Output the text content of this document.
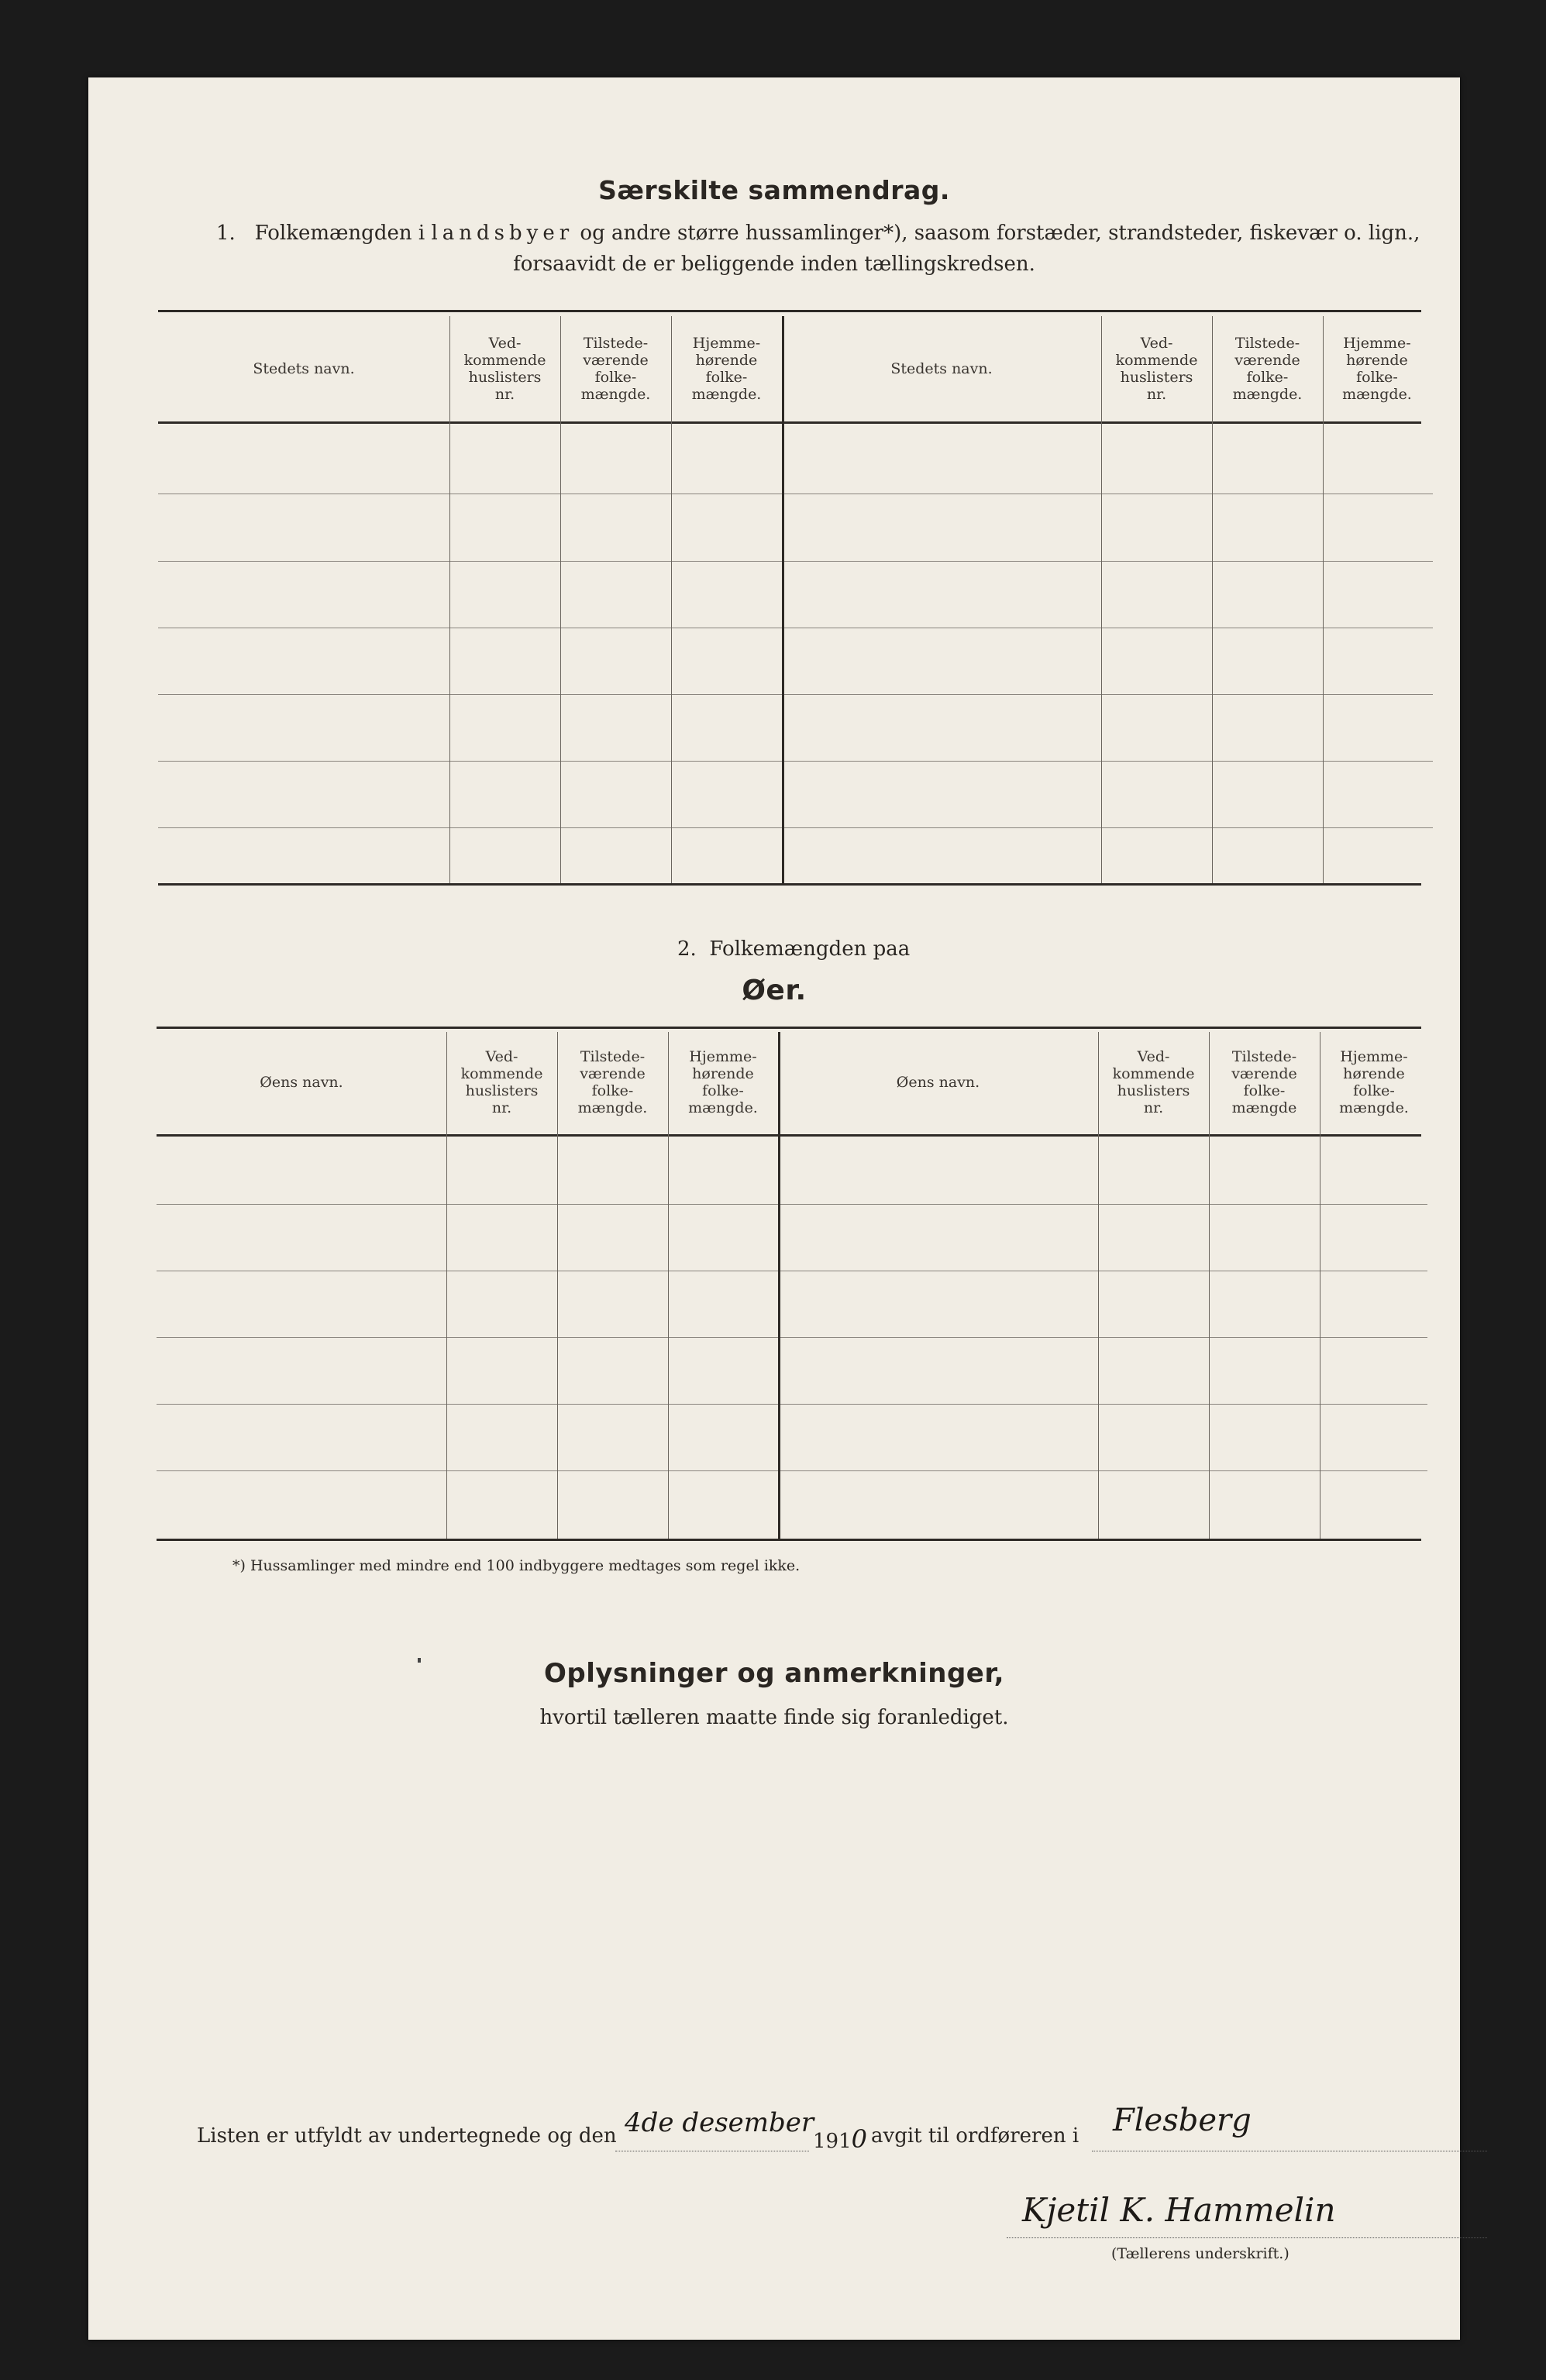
Særskilte sammendrag.
1. Folkemængden i landsbyer og andre større hussamlinger*), saasom forstæder, strandsteder, fiskevær o. lign.,
forsaavidt de er beliggende inden tællingskredsen.
Stedets navn.
Ved-
kommende
huslisters
nr.
Tilstede-
værende
folke-
mængde.
Hjemme-
hørende
folke-
mængde.
Stedets navn.
Ved-
kommende
huslisters
nr.
Tilstede-
værende
folke-
mængde.
Hjemme-
hørende
folke-
mængde.
2. Folkemængden paa
Øer.
Øens navn.
Ved-
kommende
huslisters
nr.
Tilstede-
værende
folke-
mængde.
Hjemme-
hørende
folke-
mængde.
Øens navn.
Ved-
kommende
huslisters
nr.
Tilstede-
værende
folke-
mængde
Hjemme-
hørende
folke-
mængde.
*) Hussamlinger med mindre end 100 indbyggere medtages som regel ikke.
Oplysninger og anmerkninger,
hvortil tælleren maatte finde sig foranlediget.
Listen er utfyldt av undertegnede og den 4de desember
1910 avgit til ordføreren i Flesberg
Kjetil K. Hammelin
(Tællerens underskrift.)
